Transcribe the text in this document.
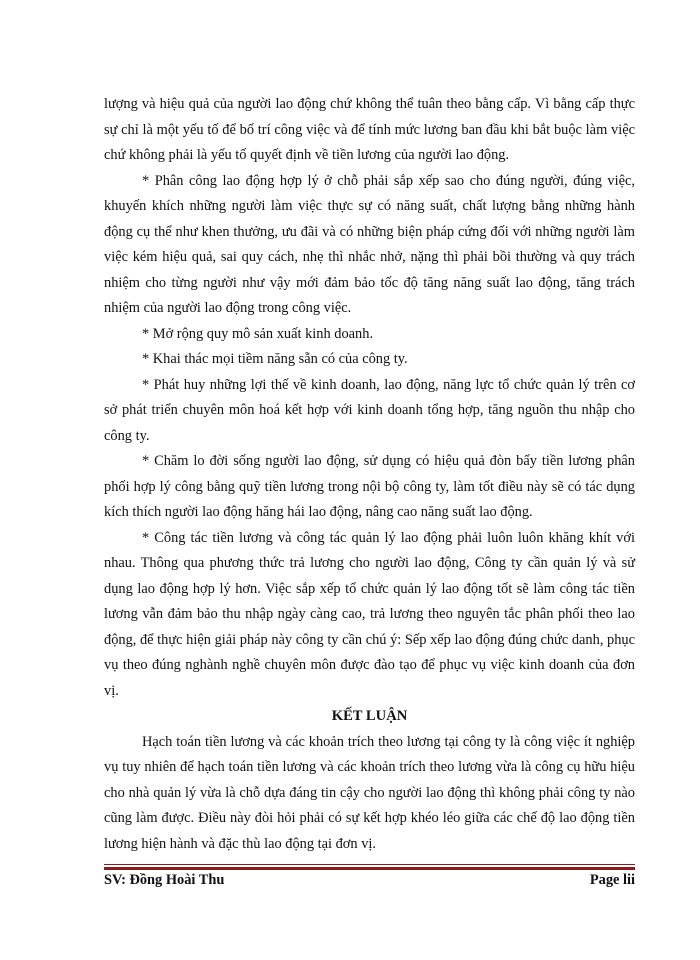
lượng và hiệu quả của người lao động chứ không thể tuân theo bằng cấp. Vì bằng cấp thực sự chỉ là một yếu tố để bố trí công việc và để tính mức lương ban đầu khi bắt buộc làm việc chứ không phải là yếu tố quyết định về tiền lương của người lao động.

* Phân công lao động hợp lý ở chỗ phải sắp xếp sao cho đúng người, đúng việc, khuyến khích những người làm việc thực sự có năng suất, chất lượng bằng những hành động cụ thể như khen thưởng, ưu đãi và có những biện pháp cứng đối với những người làm việc kém hiệu quả, sai quy cách, nhẹ thì nhắc nhở, nặng thì phải bồi thường và quy trách nhiệm cho từng người như vậy mới đảm bảo tốc độ tăng năng suất lao động, tăng trách nhiệm của người lao động trong công việc.

* Mở rộng quy mô sản xuất kinh doanh.

* Khai thác mọi tiềm năng sẵn có của công ty.

* Phát huy những lợi thế về kinh doanh, lao động, năng lực tổ chức quản lý trên cơ sở phát triển chuyên môn hoá kết hợp với kinh doanh tổng hợp, tăng nguồn thu nhập cho công ty.

* Chăm lo đời sống người lao động, sử dụng có hiệu quả đòn bẩy tiền lương phân phối hợp lý công bằng quỹ tiền lương trong nội bộ công ty, làm tốt điều này sẽ có tác dụng kích thích người lao động hăng hái lao động, nâng cao năng suất lao động.

* Công tác tiền lương và công tác quản lý lao động phải luôn luôn khăng khít với nhau. Thông qua phương thức trả lương cho người lao động, Công ty cần quản lý và sử dụng lao động hợp lý hơn. Việc sắp xếp tổ chức quản lý lao động tốt sẽ làm công tác tiền lương vẫn đảm bảo thu nhập ngày càng cao, trả lương theo nguyên tắc phân phối theo lao động, để thực hiện giải pháp này công ty cần chú ý: Sếp xếp lao động đúng chức danh, phục vụ theo đúng nghành nghề chuyên môn được đào tạo để phục vụ việc kinh doanh của đơn vị.

KẾT LUẬN

Hạch toán tiền lương và các khoản trích theo lương tại công ty là công việc ít nghiệp vụ tuy nhiên để hạch toán tiền lương và các khoản trích theo lương vừa là công cụ hữu hiệu cho nhà quản lý vừa là chỗ dựa đáng tin cậy cho người lao động thì không phải công ty nào cũng làm được. Điều này đòi hỏi phải có sự kết hợp khéo léo giữa các chế độ lao động tiền lương hiện hành và đặc thù lao động tại đơn vị.

SV: Đồng Hoài Thu	Page lii
